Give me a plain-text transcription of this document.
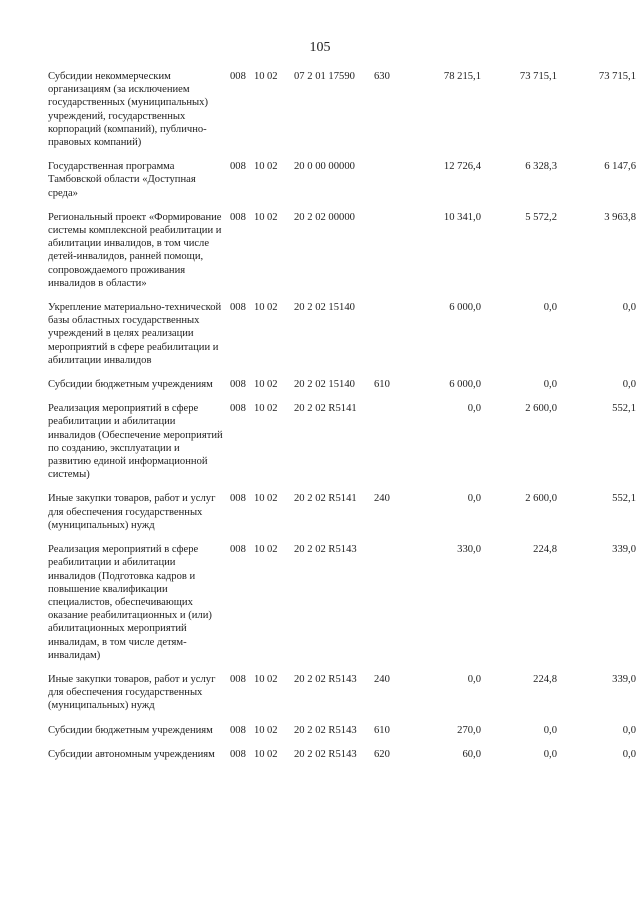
105
Субсидии некоммерческим организациям (за исключением государственных (муниципальных) учреждений, государственных корпораций (компаний), публично-правовых компаний)	008	10	02	07 2 01 17590	630	78 215,1	73 715,1	73 715,1
Государственная программа Тамбовской области «Доступная среда»	008	10	02	20 0 00 00000		12 726,4	6 328,3	6 147,6
Региональный проект «Формирование системы комплексной реабилитации и абилитации инвалидов, в том числе детей-инвалидов, ранней помощи, сопровождаемого проживания инвалидов в области»	008	10	02	20 2 02 00000		10 341,0	5 572,2	3 963,8
Укрепление материально-технической базы областных государственных учреждений в целях реализации мероприятий в сфере реабилитации и абилитации инвалидов	008	10	02	20 2 02 15140		6 000,0	0,0	0,0
Субсидии бюджетным учреждениям	008	10	02	20 2 02 15140	610	6 000,0	0,0	0,0
Реализация мероприятий в сфере реабилитации и абилитации инвалидов (Обеспечение мероприятий по созданию, эксплуатации и развитию единой информационной системы)	008	10	02	20 2 02 R5141		0,0	2 600,0	552,1
Иные закупки товаров, работ и услуг для обеспечения государственных (муниципальных) нужд	008	10	02	20 2 02 R5141	240	0,0	2 600,0	552,1
Реализация мероприятий в сфере реабилитации и абилитации инвалидов (Подготовка кадров и повышение квалификации специалистов, обеспечивающих оказание реабилитационных и (или) абилитационных мероприятий инвалидам, в том числе детям-инвалидам)	008	10	02	20 2 02 R5143		330,0	224,8	339,0
Иные закупки товаров, работ и услуг для обеспечения государственных (муниципальных) нужд	008	10	02	20 2 02 R5143	240	0,0	224,8	339,0
Субсидии бюджетным учреждениям	008	10	02	20 2 02 R5143	610	270,0	0,0	0,0
Субсидии автономным учреждениям	008	10	02	20 2 02 R5143	620	60,0	0,0	0,0
